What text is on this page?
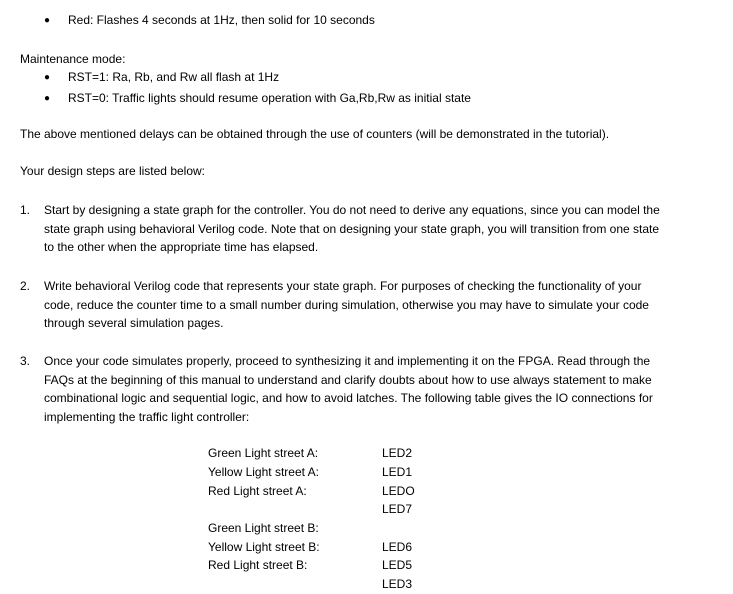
● Red: Flashes 4 seconds at 1Hz, then solid for 10 seconds
Maintenance mode:
● RST=1: Ra, Rb, and Rw all flash at 1Hz
● RST=0: Traffic lights should resume operation with Ga,Rb,Rw as initial state
The above mentioned delays can be obtained through the use of counters (will be demonstrated in the tutorial).
Your design steps are listed below:
1. Start by designing a state graph for the controller. You do not need to derive any equations, since you can model the
state graph using behavioral Verilog code. Note that on designing your state graph, you will transition from one state
to the other when the appropriate time has elapsed.
2. Write behavioral Verilog code that represents your state graph. For purposes of checking the functionality of your
code, reduce the counter time to a small number during simulation, otherwise you may have to simulate your code
through several simulation pages.
3. Once your code simulates properly, proceed to synthesizing it and implementing it on the FPGA. Read through the
FAQs at the beginning of this manual to understand and clarify doubts about how to use always statement to make
combinational logic and sequential logic, and how to avoid latches. The following table gives the IO connections for
implementing the traffic light controller:
Green Light street A:
Yellow Light street A:
Red Light street A:
LED2
LED1
LEDO
LED7
Green Light street B:
Yellow Light street B:
Red Light street B:
LED6
LED5
LED3
